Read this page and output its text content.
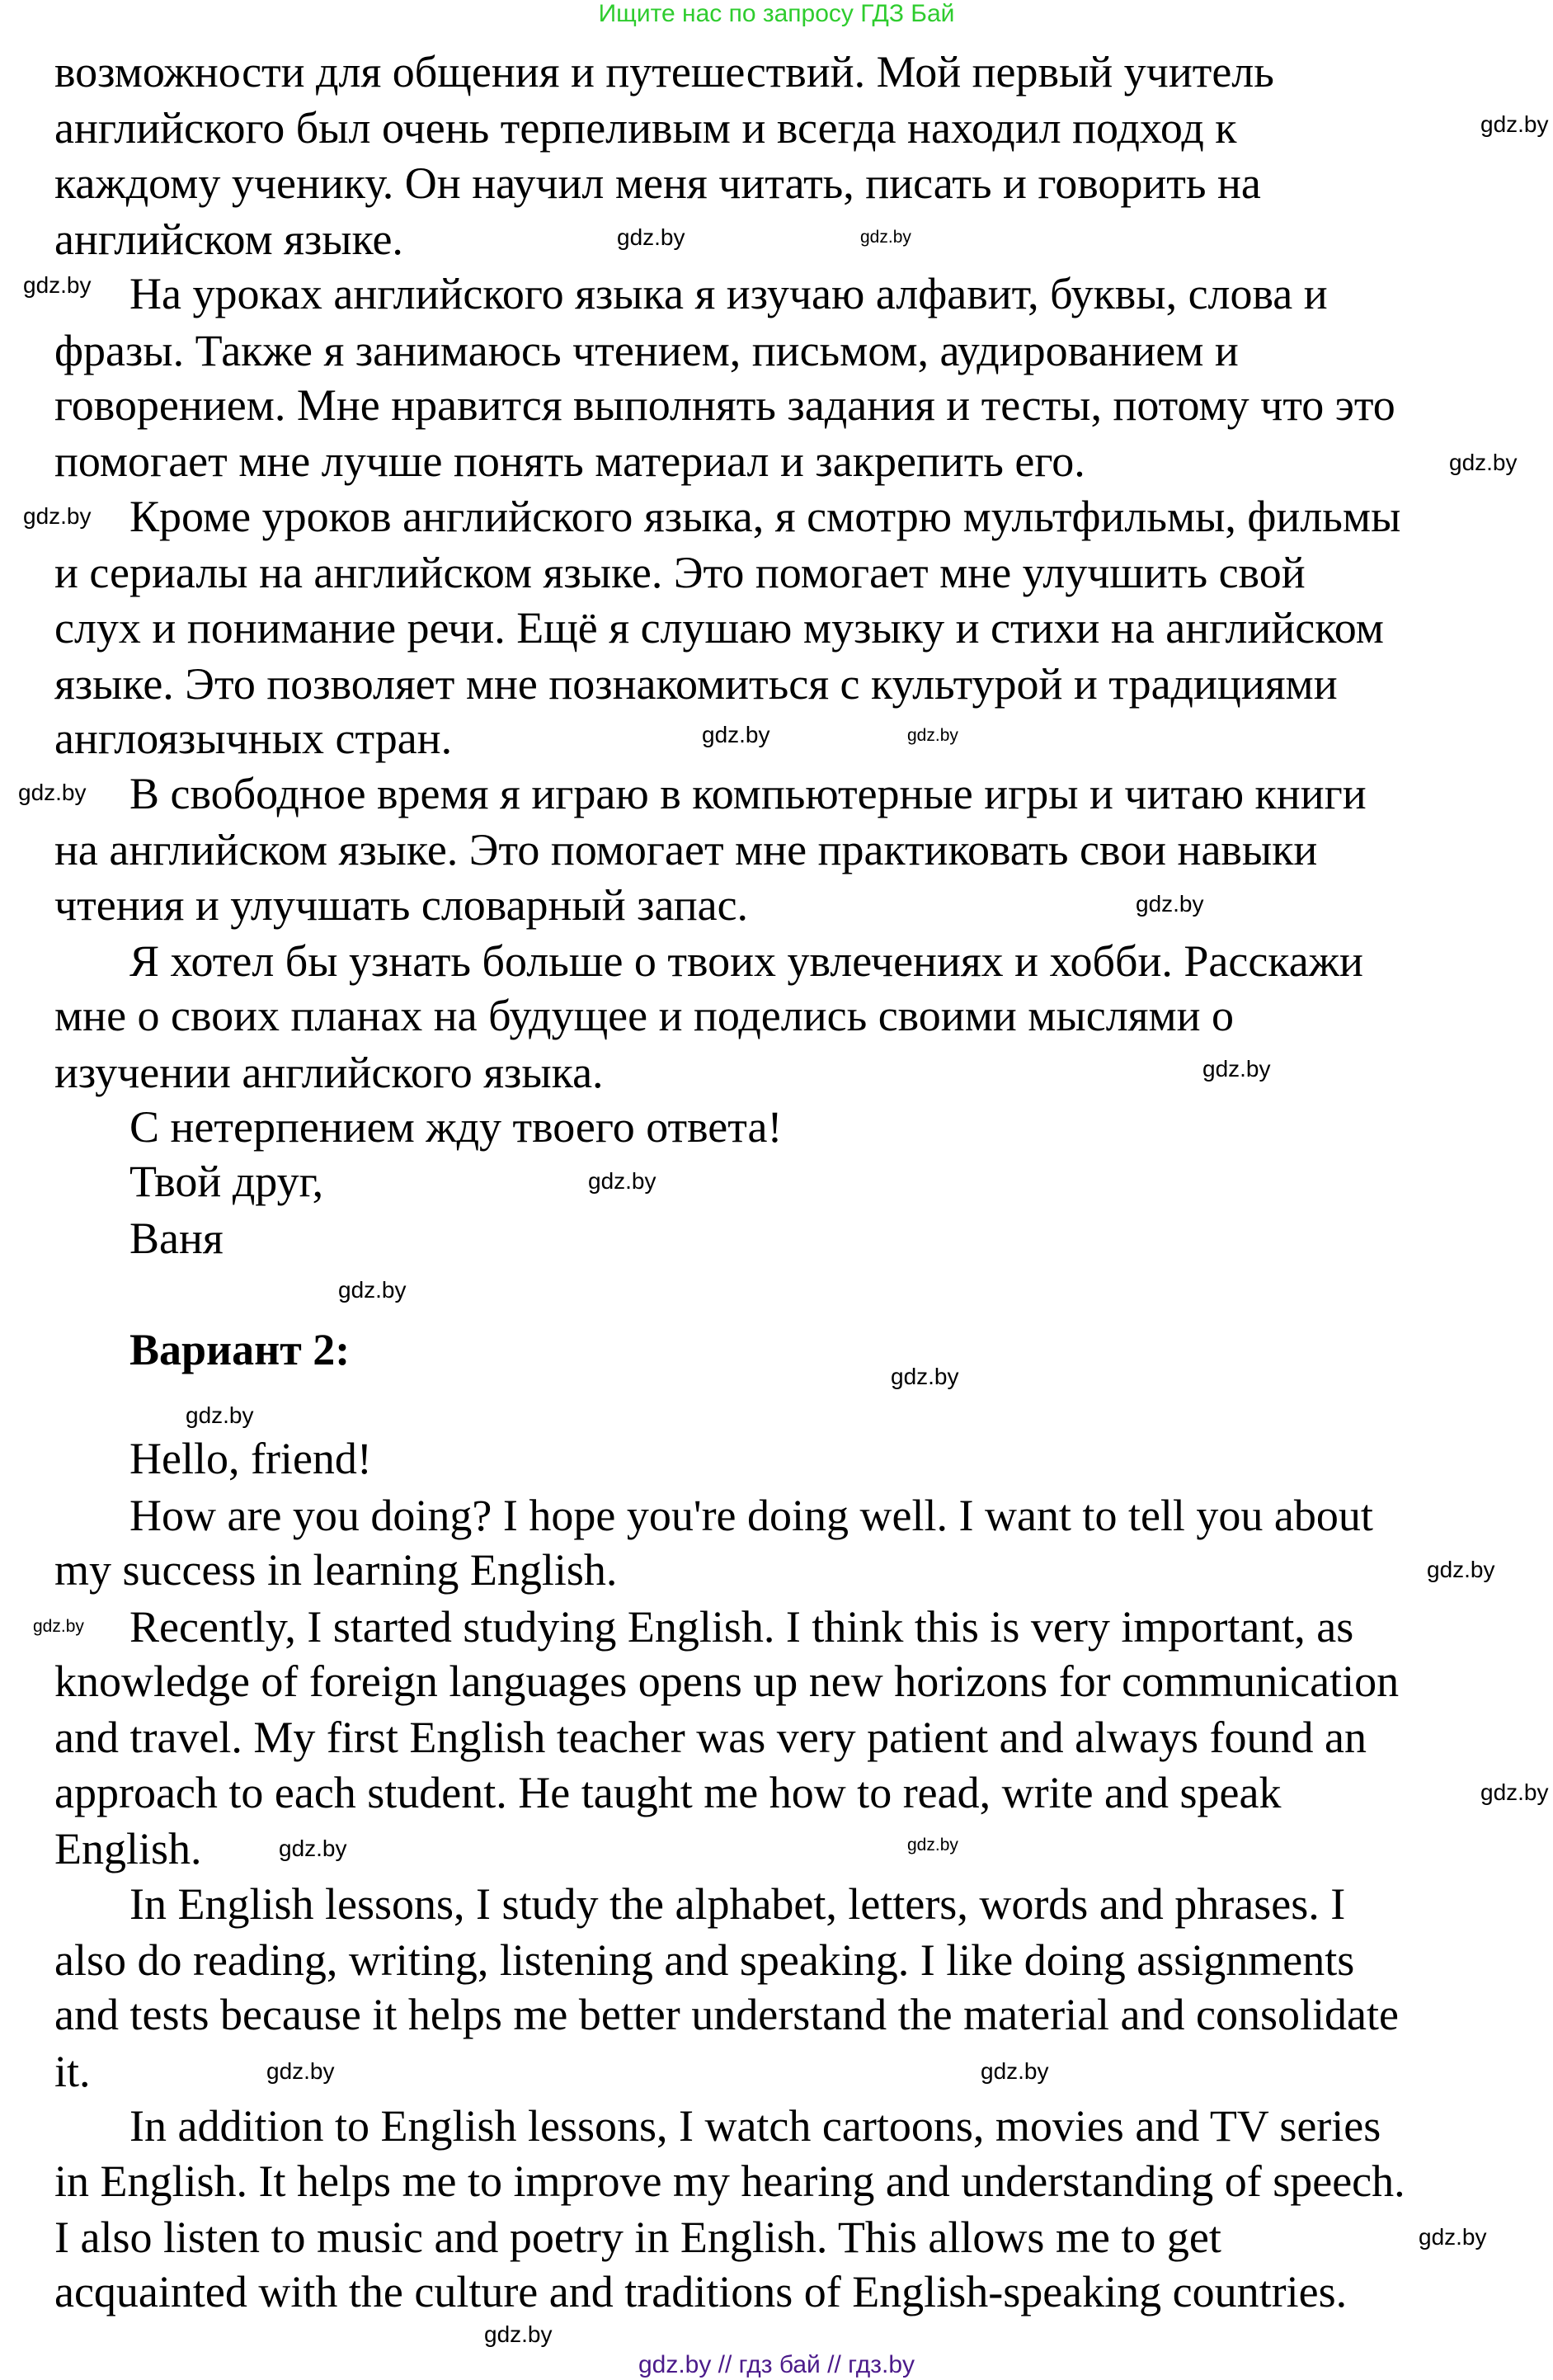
Ищите нас по запросу ГДЗ Бай
возможности для общения и путешествий. Мой первый учитель
английского был очень терпеливым и всегда находил подход к
каждому ученику. Он научил меня читать, писать и говорить на
английском языке.
На уроках английского языка я изучаю алфавит, буквы, слова и
фразы. Также я занимаюсь чтением, письмом, аудированием и
говорением. Мне нравится выполнять задания и тесты, потому что это
помогает мне лучше понять материал и закрепить его.
Кроме уроков английского языка, я смотрю мультфильмы, фильмы
и сериалы на английском языке. Это помогает мне улучшить свой
слух и понимание речи. Ещё я слушаю музыку и стихи на английском
языке. Это позволяет мне познакомиться с культурой и традициями
англоязычных стран.
В свободное время я играю в компьютерные игры и читаю книги
на английском языке. Это помогает мне практиковать свои навыки
чтения и улучшать словарный запас.
Я хотел бы узнать больше о твоих увлечениях и хобби. Расскажи
мне о своих планах на будущее и поделись своими мыслями о
изучении английского языка.
С нетерпением жду твоего ответа!
Твой друг,
Ваня
Вариант 2:
Hello, friend!
How are you doing? I hope you're doing well. I want to tell you about
my success in learning English.
Recently, I started studying English. I think this is very important, as
knowledge of foreign languages opens up new horizons for communication
and travel. My first English teacher was very patient and always found an
approach to each student. He taught me how to read, write and speak
English.
In English lessons, I study the alphabet, letters, words and phrases. I
also do reading, writing, listening and speaking. I like doing assignments
and tests because it helps me better understand the material and consolidate
it.
In addition to English lessons, I watch cartoons, movies and TV series
in English. It helps me to improve my hearing and understanding of speech.
I also listen to music and poetry in English. This allows me to get
acquainted with the culture and traditions of English-speaking countries.
gdz.by
gdz.by
gdz.by
gdz.by
gdz.by
gdz.by
gdz.by
gdz.by
gdz.by
gdz.by
gdz.by
gdz.by
gdz.by
gdz.by
gdz.by
gdz.by
gdz.by
gdz.by
gdz.by
gdz.by
gdz.by	gdz.by
gdz.by
gdz.by
gdz.by // гдз бай // гдз.by
